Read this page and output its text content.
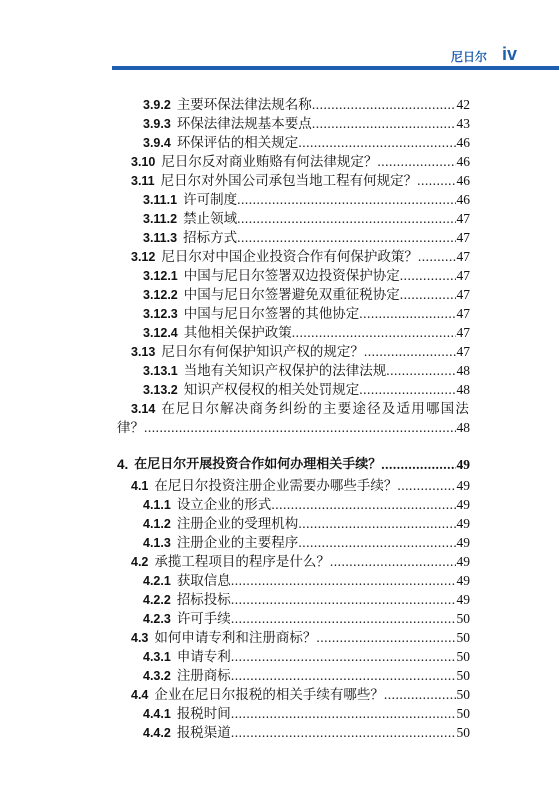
尼日尔 iv
3.9.2 主要环保法律法规名称 .....	42
3.9.3 环保法律法规基本要点 .....	43
3.9.4 环保评估的相关规定 .....	46
3.10 尼日尔反对商业贿赂有何法律规定？ .....	46
3.11 尼日尔对外国公司承包当地工程有何规定？ .....	46
3.11.1 许可制度 .....	46
3.11.2 禁止领域 .....	47
3.11.3 招标方式 .....	47
3.12 尼日尔对中国企业投资合作有何保护政策？ .....	47
3.12.1 中国与尼日尔签署双边投资保护协定 .....	47
3.12.2 中国与尼日尔签署避免双重征税协定 .....	47
3.12.3 中国与尼日尔签署的其他协定 .....	47
3.12.4 其他相关保护政策 .....	47
3.13 尼日尔有何保护知识产权的规定？ .....	47
3.13.1 当地有关知识产权保护的法律法规 .....	48
3.13.2 知识产权侵权的相关处罚规定 .....	48
3.14 在尼日尔解决商务纠纷的主要途径及适用哪国法
律？ .....	48
4. 在尼日尔开展投资合作如何办理相关手续？ .....	49
4.1 在尼日尔投资注册企业需要办哪些手续？ .....	49
4.1.1 设立企业的形式 .....	49
4.1.2 注册企业的受理机构 .....	49
4.1.3 注册企业的主要程序 .....	49
4.2 承揽工程项目的程序是什么？ .....	49
4.2.1 获取信息 .....	49
4.2.2 招标投标 .....	49
4.2.3 许可手续 .....	50
4.3 如何申请专利和注册商标？ .....	50
4.3.1 申请专利 .....	50
4.3.2 注册商标 .....	50
4.4 企业在尼日尔报税的相关手续有哪些？ .....	50
4.4.1 报税时间 .....	50
4.4.2 报税渠道 .....	50
